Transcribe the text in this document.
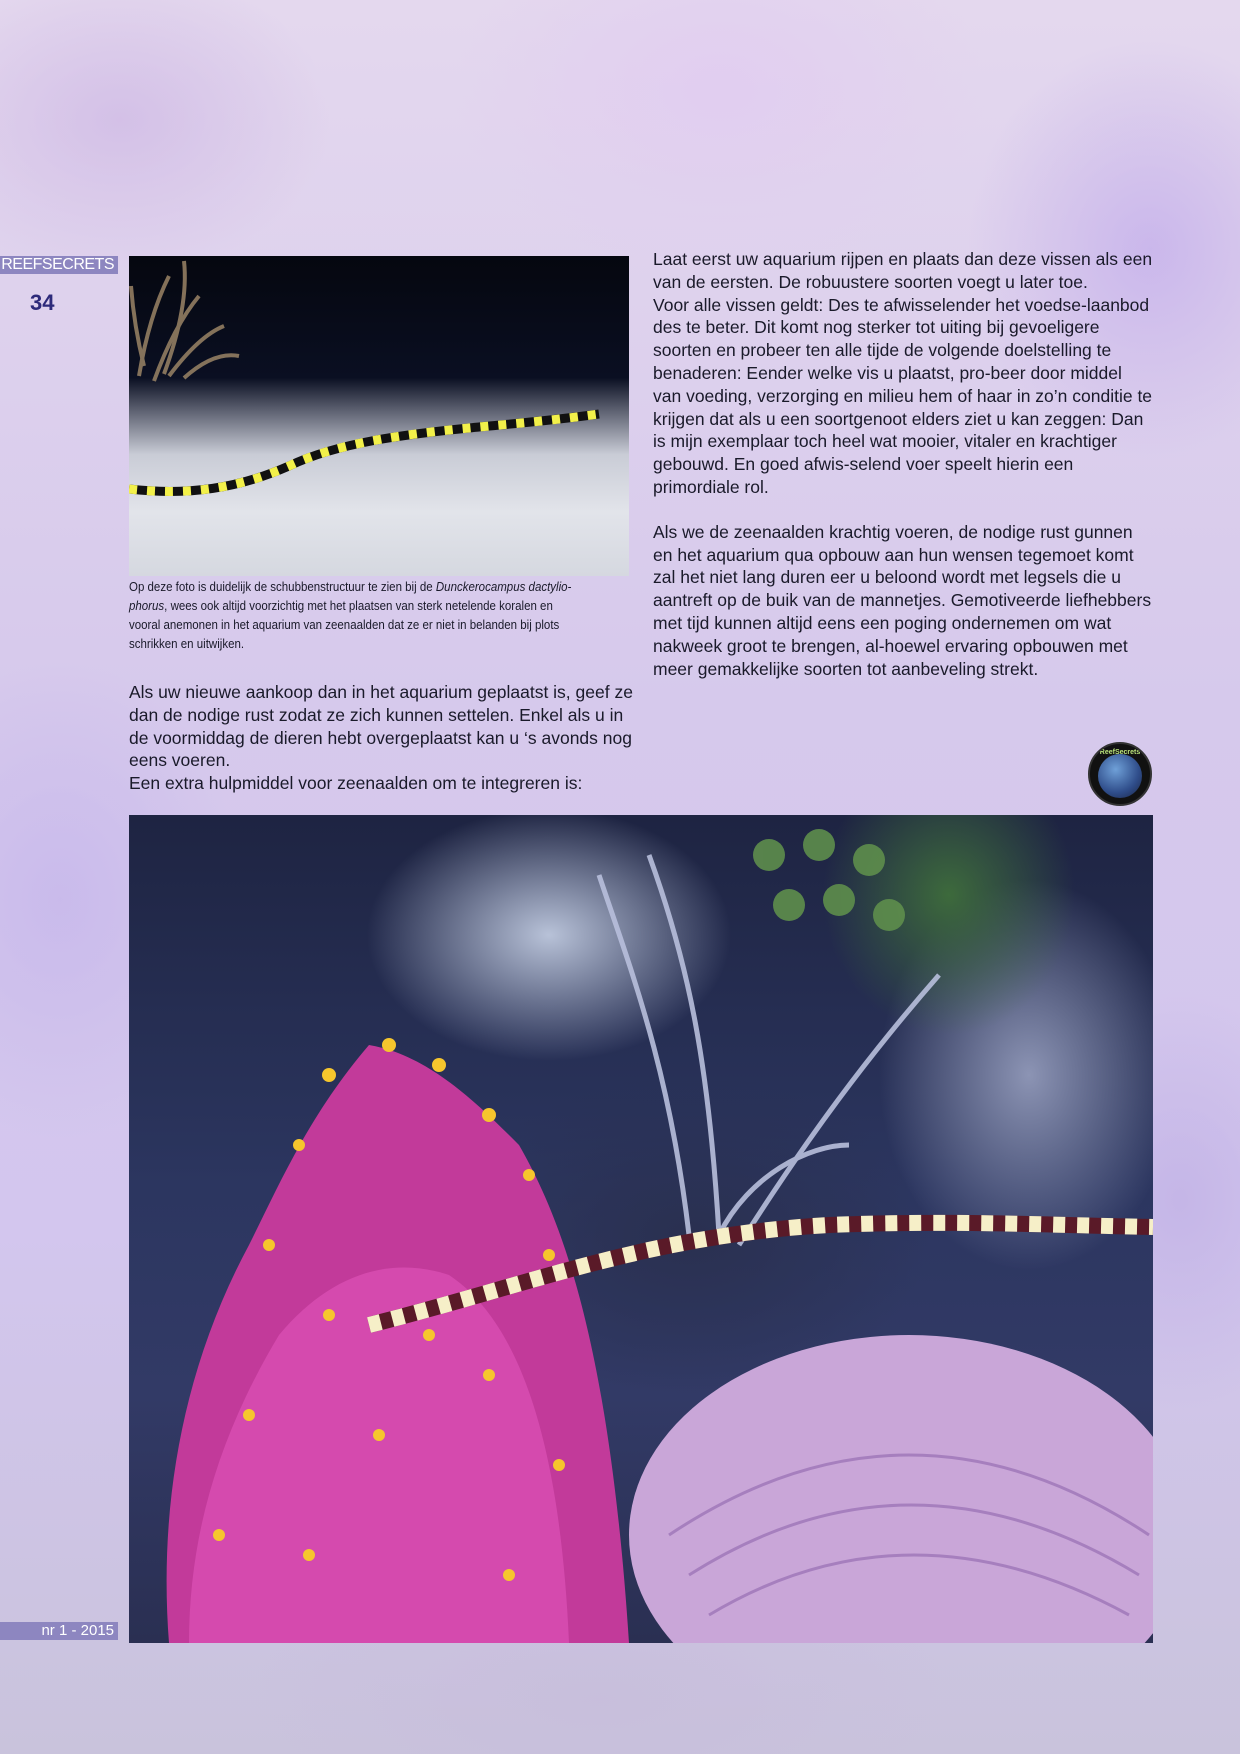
REEFSECRETS
34
nr 1 - 2015
Op deze foto is duidelijk de schubbenstructuur te zien bij de Dunckerocampus dactylio-phorus, wees ook altijd voorzichtig met het plaatsen van sterk netelende koralen en vooral anemonen in het aquarium van zeenaalden dat ze er niet in belanden bij plots schrikken en uitwijken.

Als uw nieuwe aankoop dan in het aquarium geplaatst is, geef ze dan de nodige rust zodat ze zich kunnen settelen. Enkel als u in de voormiddag de dieren hebt overgeplaatst kan u ‘s avonds nog eens voeren.

Een extra hulpmiddel voor zeenaalden om te integreren is:

Laat eerst uw aquarium rijpen en plaats dan deze vissen als een van de eersten. De robuustere soorten voegt u later toe.

Voor alle vissen geldt: Des te afwisselender het voedse-laanbod des te beter. Dit komt nog sterker tot uiting bij gevoeligere soorten en probeer ten alle tijde de volgende doelstelling te benaderen: Eender welke vis u plaatst, pro-beer door middel van voeding, verzorging en milieu hem of haar in zo’n conditie te krijgen dat als u een soortgenoot elders ziet u kan zeggen: Dan is mijn exemplaar toch heel wat mooier, vitaler en krachtiger gebouwd. En goed afwis-selend voer speelt hierin een primordiale rol.

Als we de zeenaalden krachtig voeren, de nodige rust gunnen en het aquarium qua opbouw aan hun wensen tegemoet komt zal het niet lang duren eer u beloond wordt met legsels die u aantreft op de buik van de mannetjes. Gemotiveerde liefhebbers met tijd kunnen altijd eens een poging ondernemen om wat nakweek groot te brengen, al-hoewel ervaring opbouwen met meer gemakkelijke soorten tot aanbeveling strekt.

ReefSecrets
